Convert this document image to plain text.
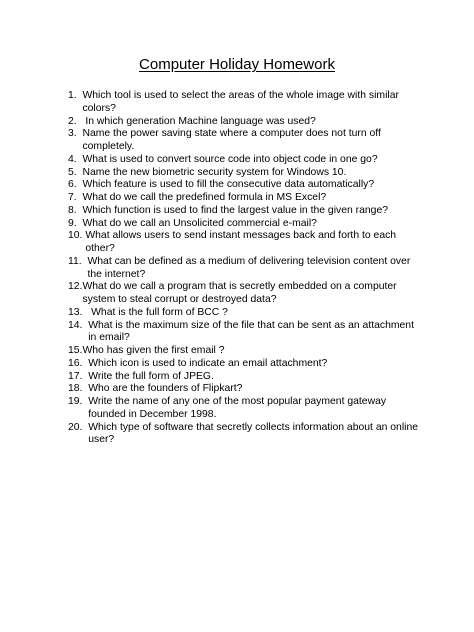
Computer Holiday Homework
1. Which tool is used to select the areas of the whole image with similar colors?
2. In which generation Machine language was used?
3. Name the power saving state where a computer does not turn off completely.
4. What is used to convert source code into object code in one go?
5. Name the new biometric security system for Windows 10.
6. Which feature is used to fill the consecutive data automatically?
7. What do we call the predefined formula in MS Excel?
8. Which function is used to find the largest value in the given range?
9. What do we call an Unsolicited commercial e-mail?
10. What allows users to send instant messages back and forth to each other?
11. What can be defined as a medium of delivering television content over the internet?
12. What do we call a program that is secretly embedded on a computer system to steal corrupt or destroyed data?
13. What is the full form of BCC ?
14. What is the maximum size of the file that can be sent as an attachment in email?
15. Who has given the first email ?
16. Which icon is used to indicate an email attachment?
17. Write the full form of JPEG.
18. Who are the founders of Flipkart?
19. Write the name of any one of the most popular payment gateway founded in December 1998.
20. Which type of software that secretly collects information about an online user?
